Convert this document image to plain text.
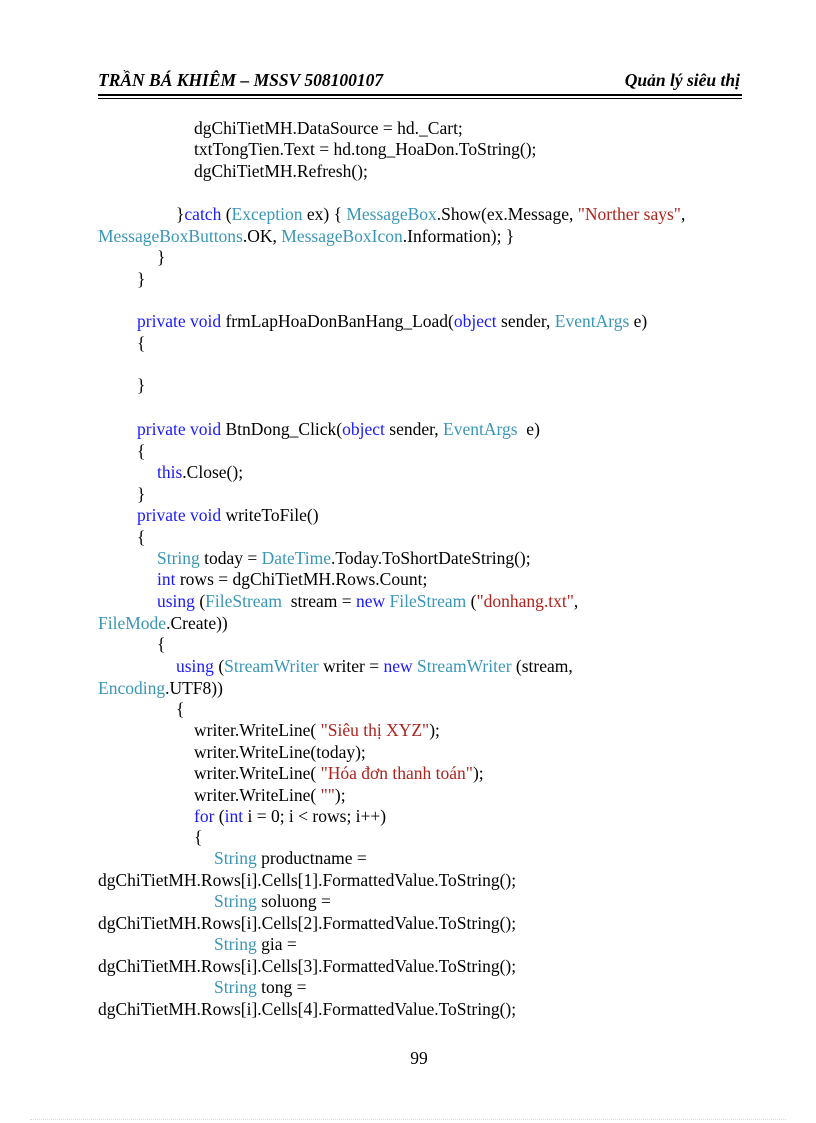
TRẦN BÁ KHIÊM – MSSV 508100107	Quản lý siêu thị
dgChiTietMH.DataSource = hd._Cart;
txtTongTien.Text = hd.tong_HoaDon.ToString();
dgChiTietMH.Refresh();
}catch (Exception ex) { MessageBox.Show(ex.Message, "Norther says",
MessageBoxButtons.OK, MessageBoxIcon.Information); }
}
}
private void frmLapHoaDonBanHang_Load(object sender, EventArgs e)
{
}
private void BtnDong_Click(object sender, EventArgs  e)
{
this.Close();
}
private void writeToFile()
{
String today = DateTime.Today.ToShortDateString();
int rows = dgChiTietMH.Rows.Count;
using (FileStream  stream = new FileStream ("donhang.txt",
FileMode.Create))
{
using (StreamWriter writer = new StreamWriter (stream,
Encoding.UTF8))
{
writer.WriteLine( "Siêu thị XYZ");
writer.WriteLine(today);
writer.WriteLine( "Hóa đơn thanh toán");
writer.WriteLine( "");
for (int i = 0; i < rows; i++)
{
String productname =
dgChiTietMH.Rows[i].Cells[1].FormattedValue.ToString();
String soluong =
dgChiTietMH.Rows[i].Cells[2].FormattedValue.ToString();
String gia =
dgChiTietMH.Rows[i].Cells[3].FormattedValue.ToString();
String tong =
dgChiTietMH.Rows[i].Cells[4].FormattedValue.ToString();
99
